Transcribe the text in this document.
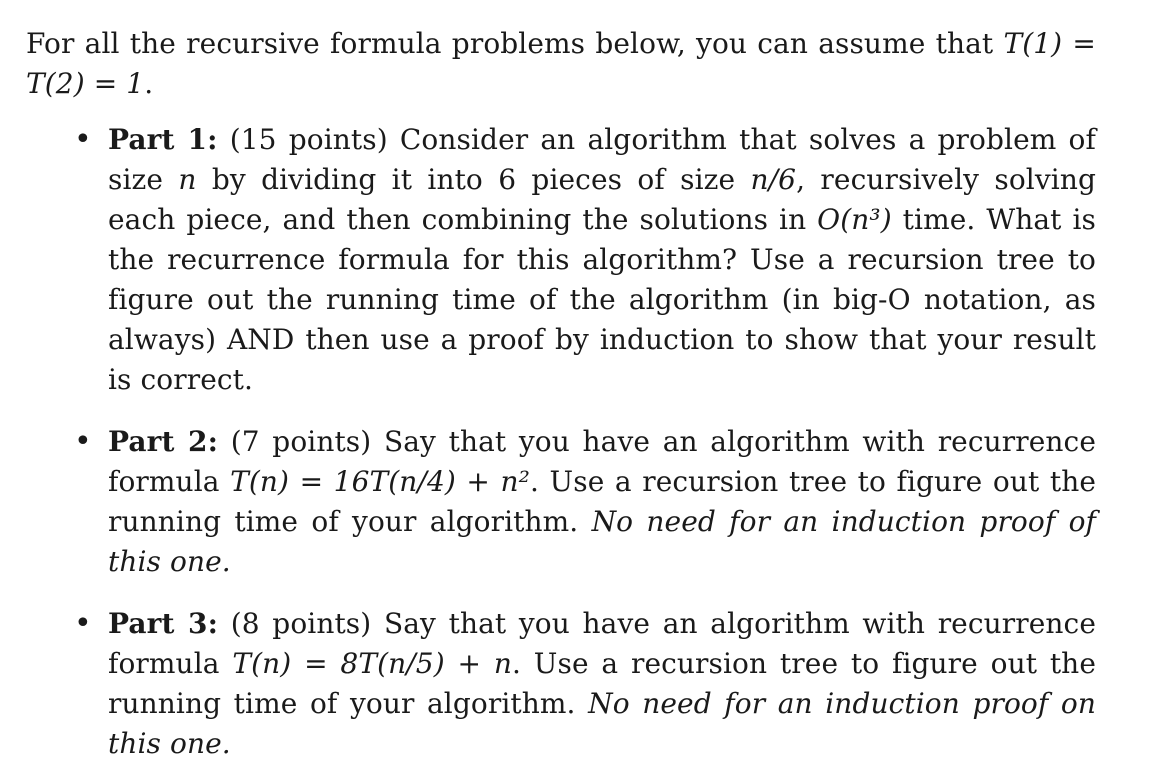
For all the recursive formula problems below, you can assume that T(1) = T(2) = 1.

• Part 1: (15 points) Consider an algorithm that solves a problem of size n by dividing it into 6 pieces of size n/6, recursively solving each piece, and then combining the solutions in O(n³) time. What is the recurrence formula for this algorithm? Use a recursion tree to figure out the running time of the algorithm (in big-O notation, as always) AND then use a proof by induction to show that your result is correct.
• Part 2: (7 points) Say that you have an algorithm with recurrence formula T(n) = 16T(n/4) + n². Use a recursion tree to figure out the running time of your algorithm. No need for an induction proof of this one.
• Part 3: (8 points) Say that you have an algorithm with recurrence formula T(n) = 8T(n/5) + n. Use a recursion tree to figure out the running time of your algorithm. No need for an induction proof on this one.
